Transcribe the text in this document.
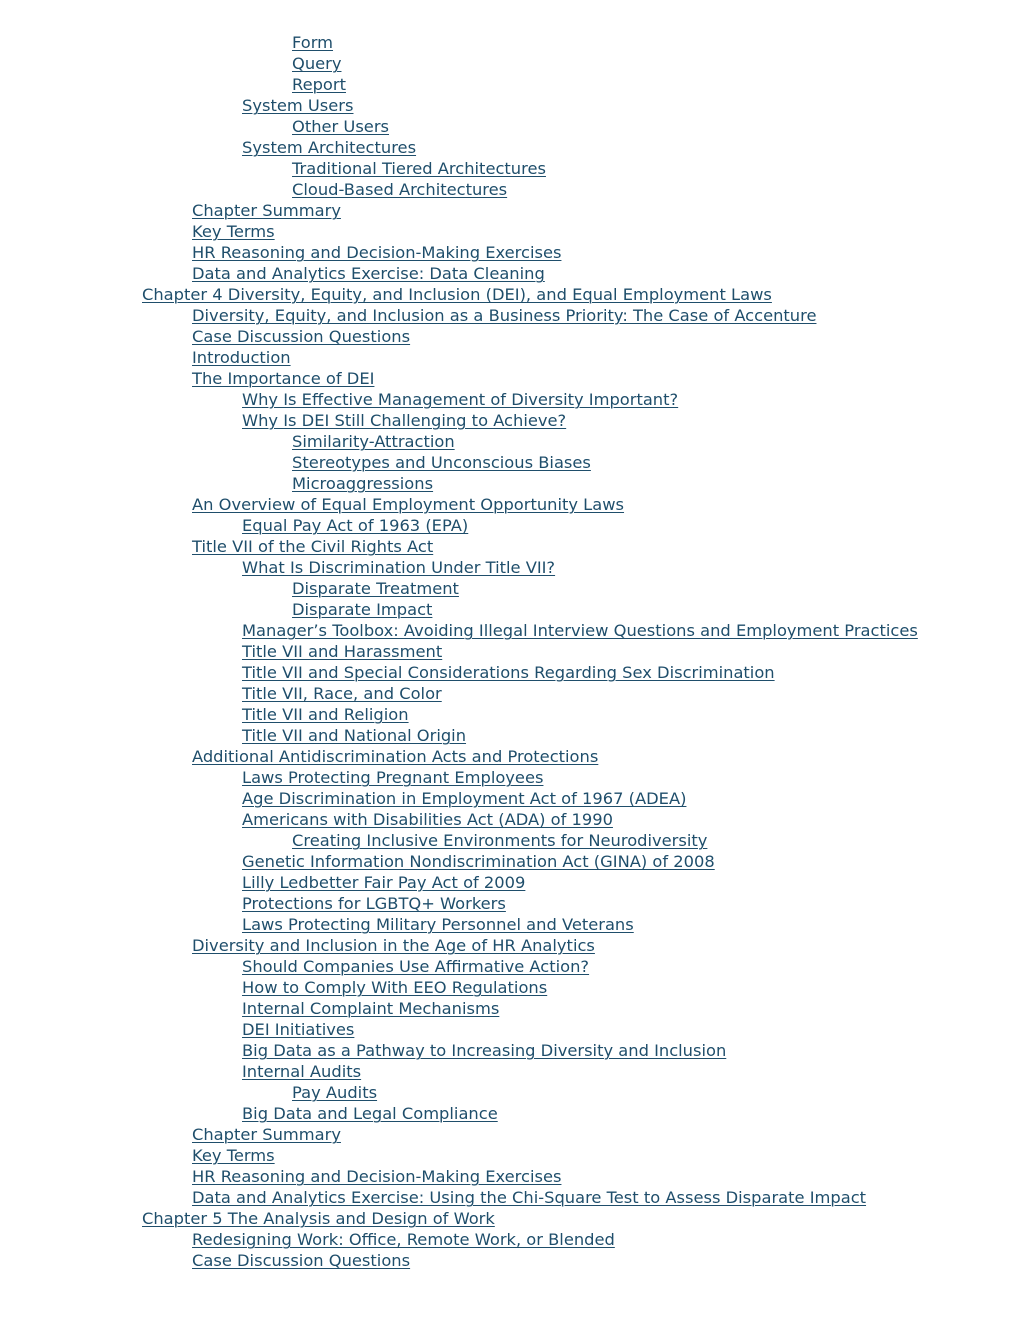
Form
Query
Report
System Users
Other Users
System Architectures
Traditional Tiered Architectures
Cloud-Based Architectures
Chapter Summary
Key Terms
HR Reasoning and Decision-Making Exercises
Data and Analytics Exercise: Data Cleaning
Chapter 4 Diversity, Equity, and Inclusion (DEI), and Equal Employment Laws
Diversity, Equity, and Inclusion as a Business Priority: The Case of Accenture
Case Discussion Questions
Introduction
The Importance of DEI
Why Is Effective Management of Diversity Important?
Why Is DEI Still Challenging to Achieve?
Similarity-Attraction
Stereotypes and Unconscious Biases
Microaggressions
An Overview of Equal Employment Opportunity Laws
Equal Pay Act of 1963 (EPA)
Title VII of the Civil Rights Act
What Is Discrimination Under Title VII?
Disparate Treatment
Disparate Impact
Manager’s Toolbox: Avoiding Illegal Interview Questions and Employment Practices
Title VII and Harassment
Title VII and Special Considerations Regarding Sex Discrimination
Title VII, Race, and Color
Title VII and Religion
Title VII and National Origin
Additional Antidiscrimination Acts and Protections
Laws Protecting Pregnant Employees
Age Discrimination in Employment Act of 1967 (ADEA)
Americans with Disabilities Act (ADA) of 1990
Creating Inclusive Environments for Neurodiversity
Genetic Information Nondiscrimination Act (GINA) of 2008
Lilly Ledbetter Fair Pay Act of 2009
Protections for LGBTQ+ Workers
Laws Protecting Military Personnel and Veterans
Diversity and Inclusion in the Age of HR Analytics
Should Companies Use Affirmative Action?
How to Comply With EEO Regulations
Internal Complaint Mechanisms
DEI Initiatives
Big Data as a Pathway to Increasing Diversity and Inclusion
Internal Audits
Pay Audits
Big Data and Legal Compliance
Chapter Summary
Key Terms
HR Reasoning and Decision-Making Exercises
Data and Analytics Exercise: Using the Chi-Square Test to Assess Disparate Impact
Chapter 5 The Analysis and Design of Work
Redesigning Work: Office, Remote Work, or Blended
Case Discussion Questions
